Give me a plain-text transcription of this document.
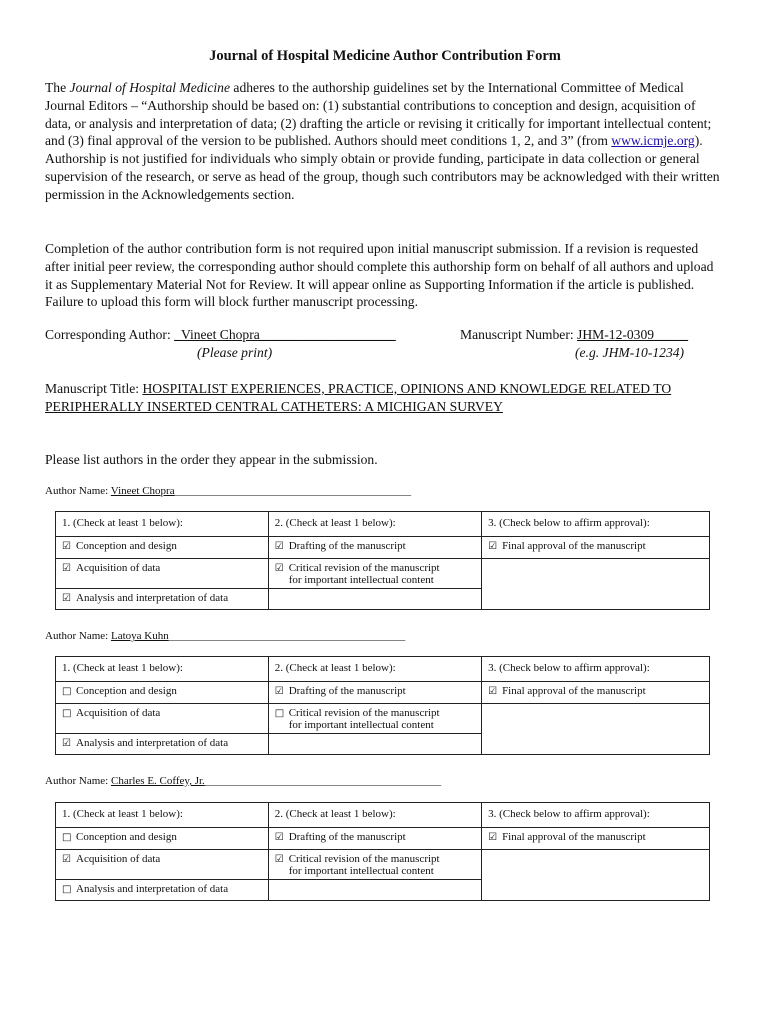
Journal of Hospital Medicine Author Contribution Form

The Journal of Hospital Medicine adheres to the authorship guidelines set by the International Committee of Medical Journal Editors – “Authorship should be based on: (1) substantial contributions to conception and design, acquisition of data, or analysis and interpretation of data; (2) drafting the article or revising it critically for important intellectual content; and (3) final approval of the version to be published. Authors should meet conditions 1, 2, and 3” (from www.icmje.org). Authorship is not justified for individuals who simply obtain or provide funding, participate in data collection or general supervision of the research, or serve as head of the group, though such contributors may be acknowledged with their written permission in the Acknowledgements section.

Completion of the author contribution form is not required upon initial manuscript submission. If a revision is requested after initial peer review, the corresponding author should complete this authorship form on behalf of all authors and upload it as Supplementary Material Not for Review. It will appear online as Supporting Information if the article is published. Failure to upload this form will block further manuscript processing.

Corresponding Author: _Vineet Chopra____________________
(Please print)
Manuscript Number: JHM-12-0309_____
(e.g. JHM-10-1234)
Manuscript Title: HOSPITALIST EXPERIENCES, PRACTICE, OPINIONS AND KNOWLEDGE RELATED TO PERIPHERALLY INSERTED CENTRAL CATHETERS: A MICHIGAN SURVEY
Please list authors in the order they appear in the submission.
Author Name: Vineet Chopra___________________________________________
1. (Check at least 1 below):	2. (Check at least 1 below):	3. (Check below to affirm approval):
☑ Conception and design	☑ Drafting of the manuscript	☑ Final approval of the manuscript
☑ Acquisition of data	☑ Critical revision of the manuscript
for important intellectual content	
☑ Analysis and interpretation of data		
Author Name: Latoya Kuhn___________________________________________
1. (Check at least 1 below):	2. (Check at least 1 below):	3. (Check below to affirm approval):
□ Conception and design	☑ Drafting of the manuscript	☑ Final approval of the manuscript
□ Acquisition of data	□ Critical revision of the manuscript
for important intellectual content	
☑ Analysis and interpretation of data		
Author Name: Charles E. Coffey, Jr.___________________________________________
1. (Check at least 1 below):	2. (Check at least 1 below):	3. (Check below to affirm approval):
□ Conception and design	☑ Drafting of the manuscript	☑ Final approval of the manuscript
☑ Acquisition of data	☑ Critical revision of the manuscript
for important intellectual content	
□ Analysis and interpretation of data		
